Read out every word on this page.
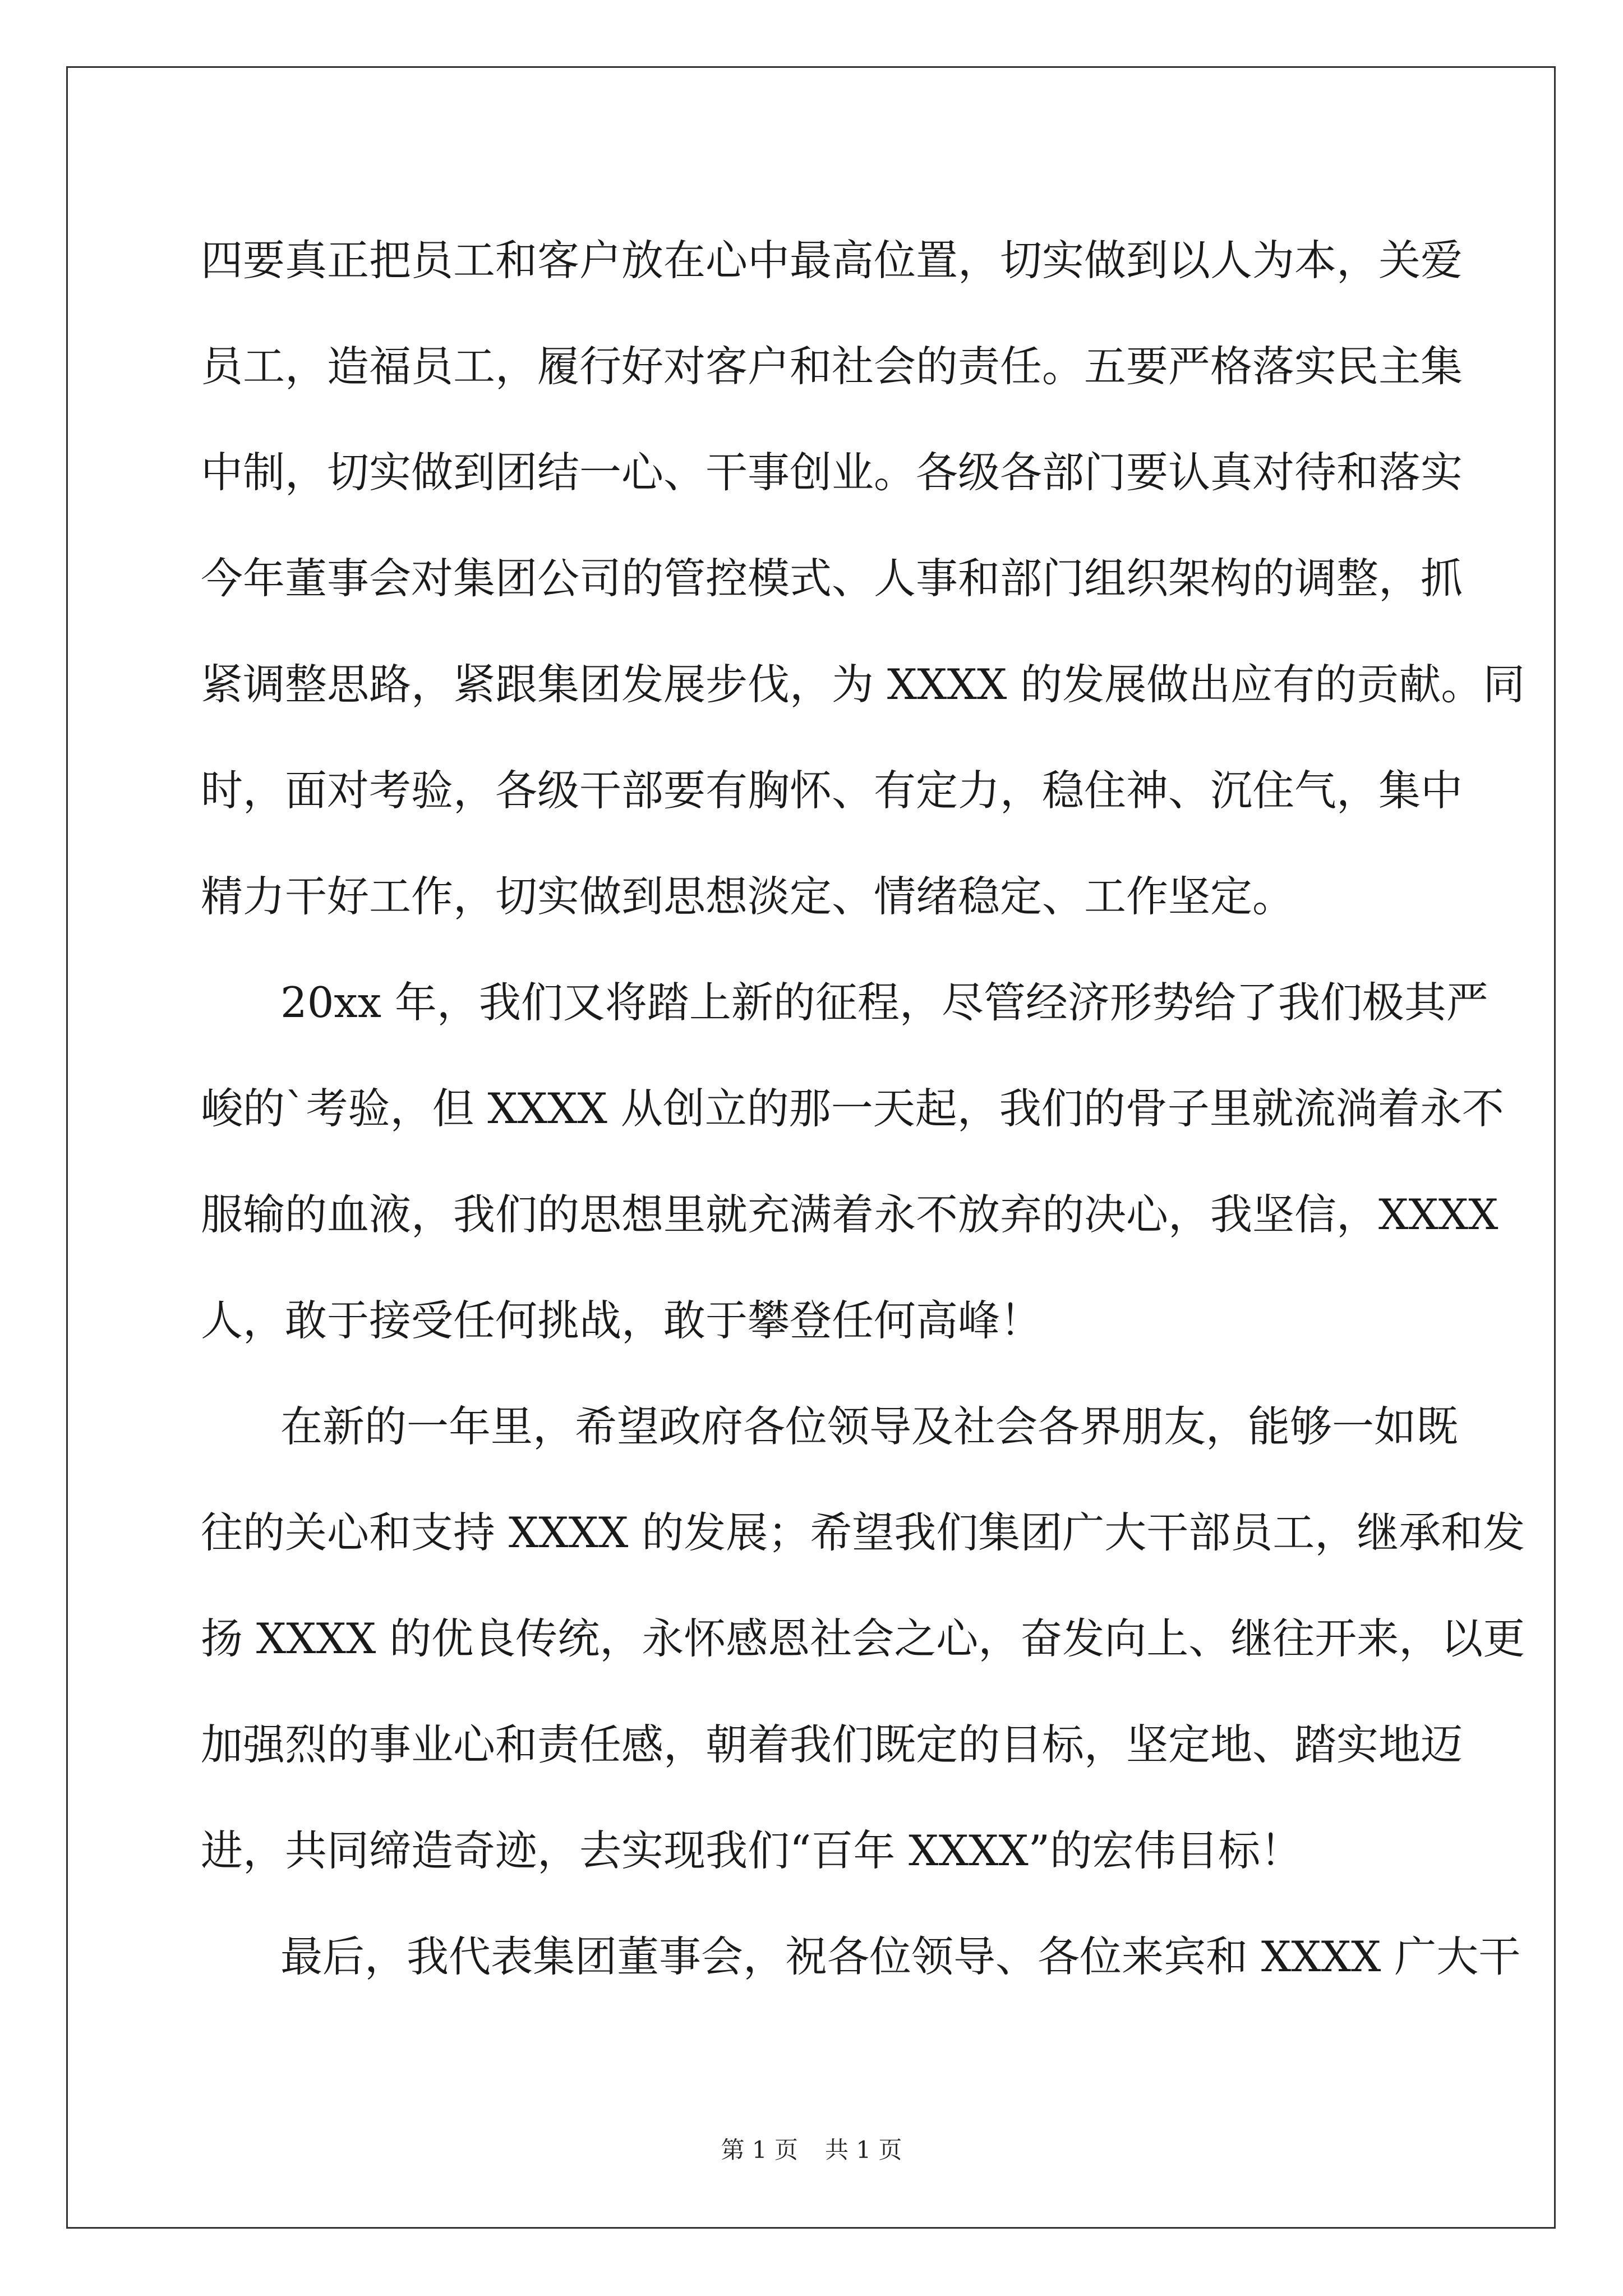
四要真正把员工和客户放在心中最高位置，切实做到以人为本，关爱
员工，造福员工，履行好对客户和社会的责任。五要严格落实民主集
中制，切实做到团结一心、干事创业。各级各部门要认真对待和落实
今年董事会对集团公司的管控模式、人事和部门组织架构的调整，抓
紧调整思路，紧跟集团发展步伐，为 XXXX 的发展做出应有的贡献。同
时，面对考验，各级干部要有胸怀、有定力，稳住神、沉住气，集中
精力干好工作，切实做到思想淡定、情绪稳定、工作坚定。
20xx 年，我们又将踏上新的征程，尽管经济形势给了我们极其严
峻的`考验，但 XXXX 从创立的那一天起，我们的骨子里就流淌着永不
服输的血液，我们的思想里就充满着永不放弃的决心，我坚信，XXXX
人，敢于接受任何挑战，敢于攀登任何高峰！
在新的一年里，希望政府各位领导及社会各界朋友，能够一如既
往的关心和支持 XXXX 的发展；希望我们集团广大干部员工，继承和发
扬 XXXX 的优良传统，永怀感恩社会之心，奋发向上、继往开来，以更
加强烈的事业心和责任感，朝着我们既定的目标，坚定地、踏实地迈
进，共同缔造奇迹，去实现我们“百年 XXXX”的宏伟目标！
最后，我代表集团董事会，祝各位领导、各位来宾和 XXXX 广大干
第 1 页 共 1 页
